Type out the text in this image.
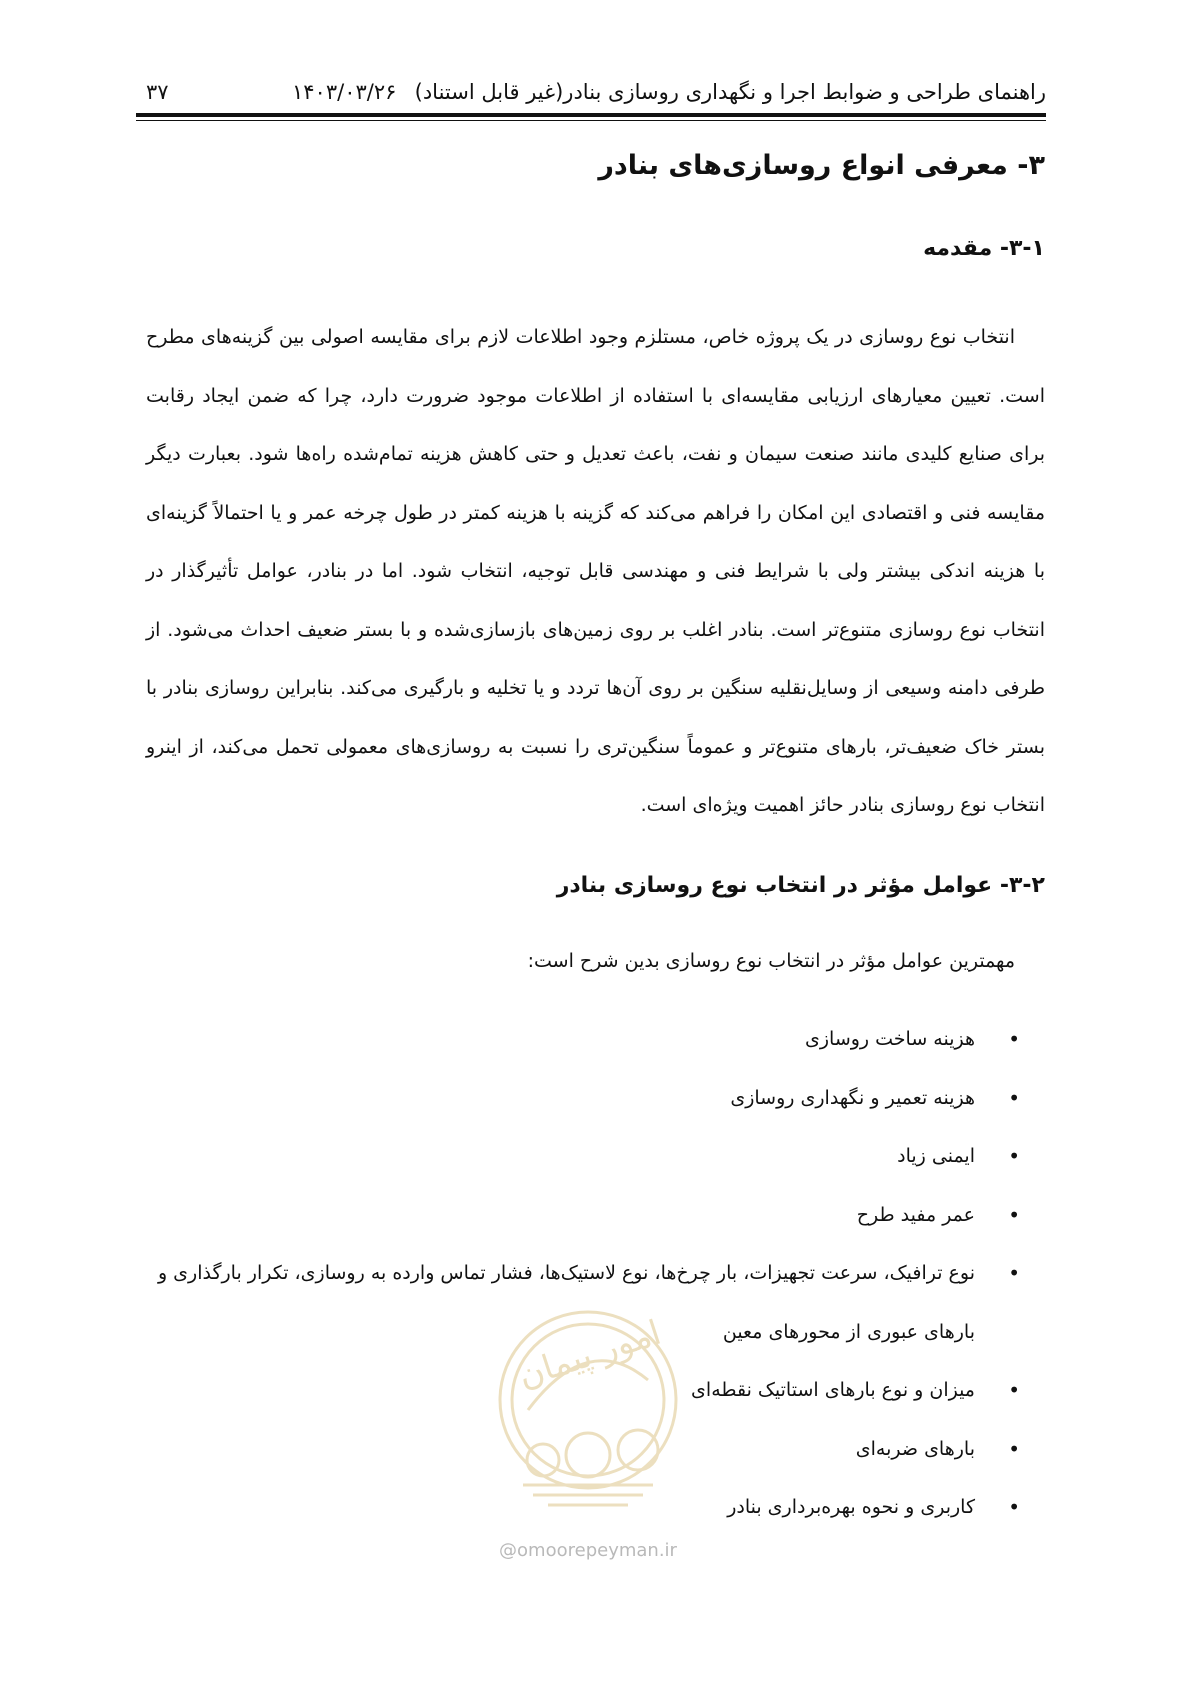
راهنمای طراحی و ضوابط اجرا و نگهداری روسازی بنادر(غیر قابل استناد)
۱۴۰۳/۰۳/۲۶
۳۷
۳- معرفی انواع روسازی‌های بنادر
۳-۱- مقدمه
انتخاب نوع روسازی در یک پروژه خاص، مستلزم وجود اطلاعات لازم برای مقایسه اصولی بین گزینه‌های مطرح است. تعیین معیارهای ارزیابی مقایسه‌ای با استفاده از اطلاعات موجود ضرورت دارد، چرا که ضمن ایجاد رقابت برای صنایع کلیدی مانند صنعت سیمان و نفت، باعث تعدیل و حتی کاهش هزینه تمام‌شده راه‌ها شود. بعبارت دیگر مقایسه فنی و اقتصادی این امکان را فراهم می‌کند که گزینه با هزینه کمتر در طول چرخه عمر و یا احتمالاً گزینه‌ای با هزینه اندکی بیشتر ولی با شرایط فنی و مهندسی قابل توجیه، انتخاب شود. اما در بنادر، عوامل تأثیرگذار در انتخاب نوع روسازی متنوع‌تر است. بنادر اغلب بر روی زمین‌های بازسازی‌شده و با بستر ضعیف احداث می‌شود. از طرفی دامنه وسیعی از وسایل‌نقلیه سنگین بر روی آن‌ها تردد و یا تخلیه و بارگیری می‌کند. بنابراین روسازی بنادر با بستر خاک ضعیف‌تر، بارهای متنوع‌تر و عموماً سنگین‌تری را نسبت به روسازی‌های معمولی تحمل می‌کند، از اینرو انتخاب نوع روسازی بنادر حائز اهمیت ویژه‌ای است.
۳-۲- عوامل مؤثر در انتخاب نوع روسازی بنادر
مهمترین عوامل مؤثر در انتخاب نوع روسازی بدین شرح است:
•
هزینه ساخت روسازی
•
هزینه تعمیر و نگهداری روسازی
•
ایمنی زیاد
•
عمر مفید طرح
•
نوع ترافیک، سرعت تجهیزات، بار چرخ‌ها، نوع لاستیک‌ها، فشار تماس وارده به روسازی، تکرار بارگذاری و بارهای عبوری از محورهای معین
•
میزان و نوع بارهای استاتیک نقطه‌ای
•
بارهای ضربه‌ای
•
کاربری و نحوه بهره‌برداری بنادر
امور پیمان
@omoorepeyman.ir
